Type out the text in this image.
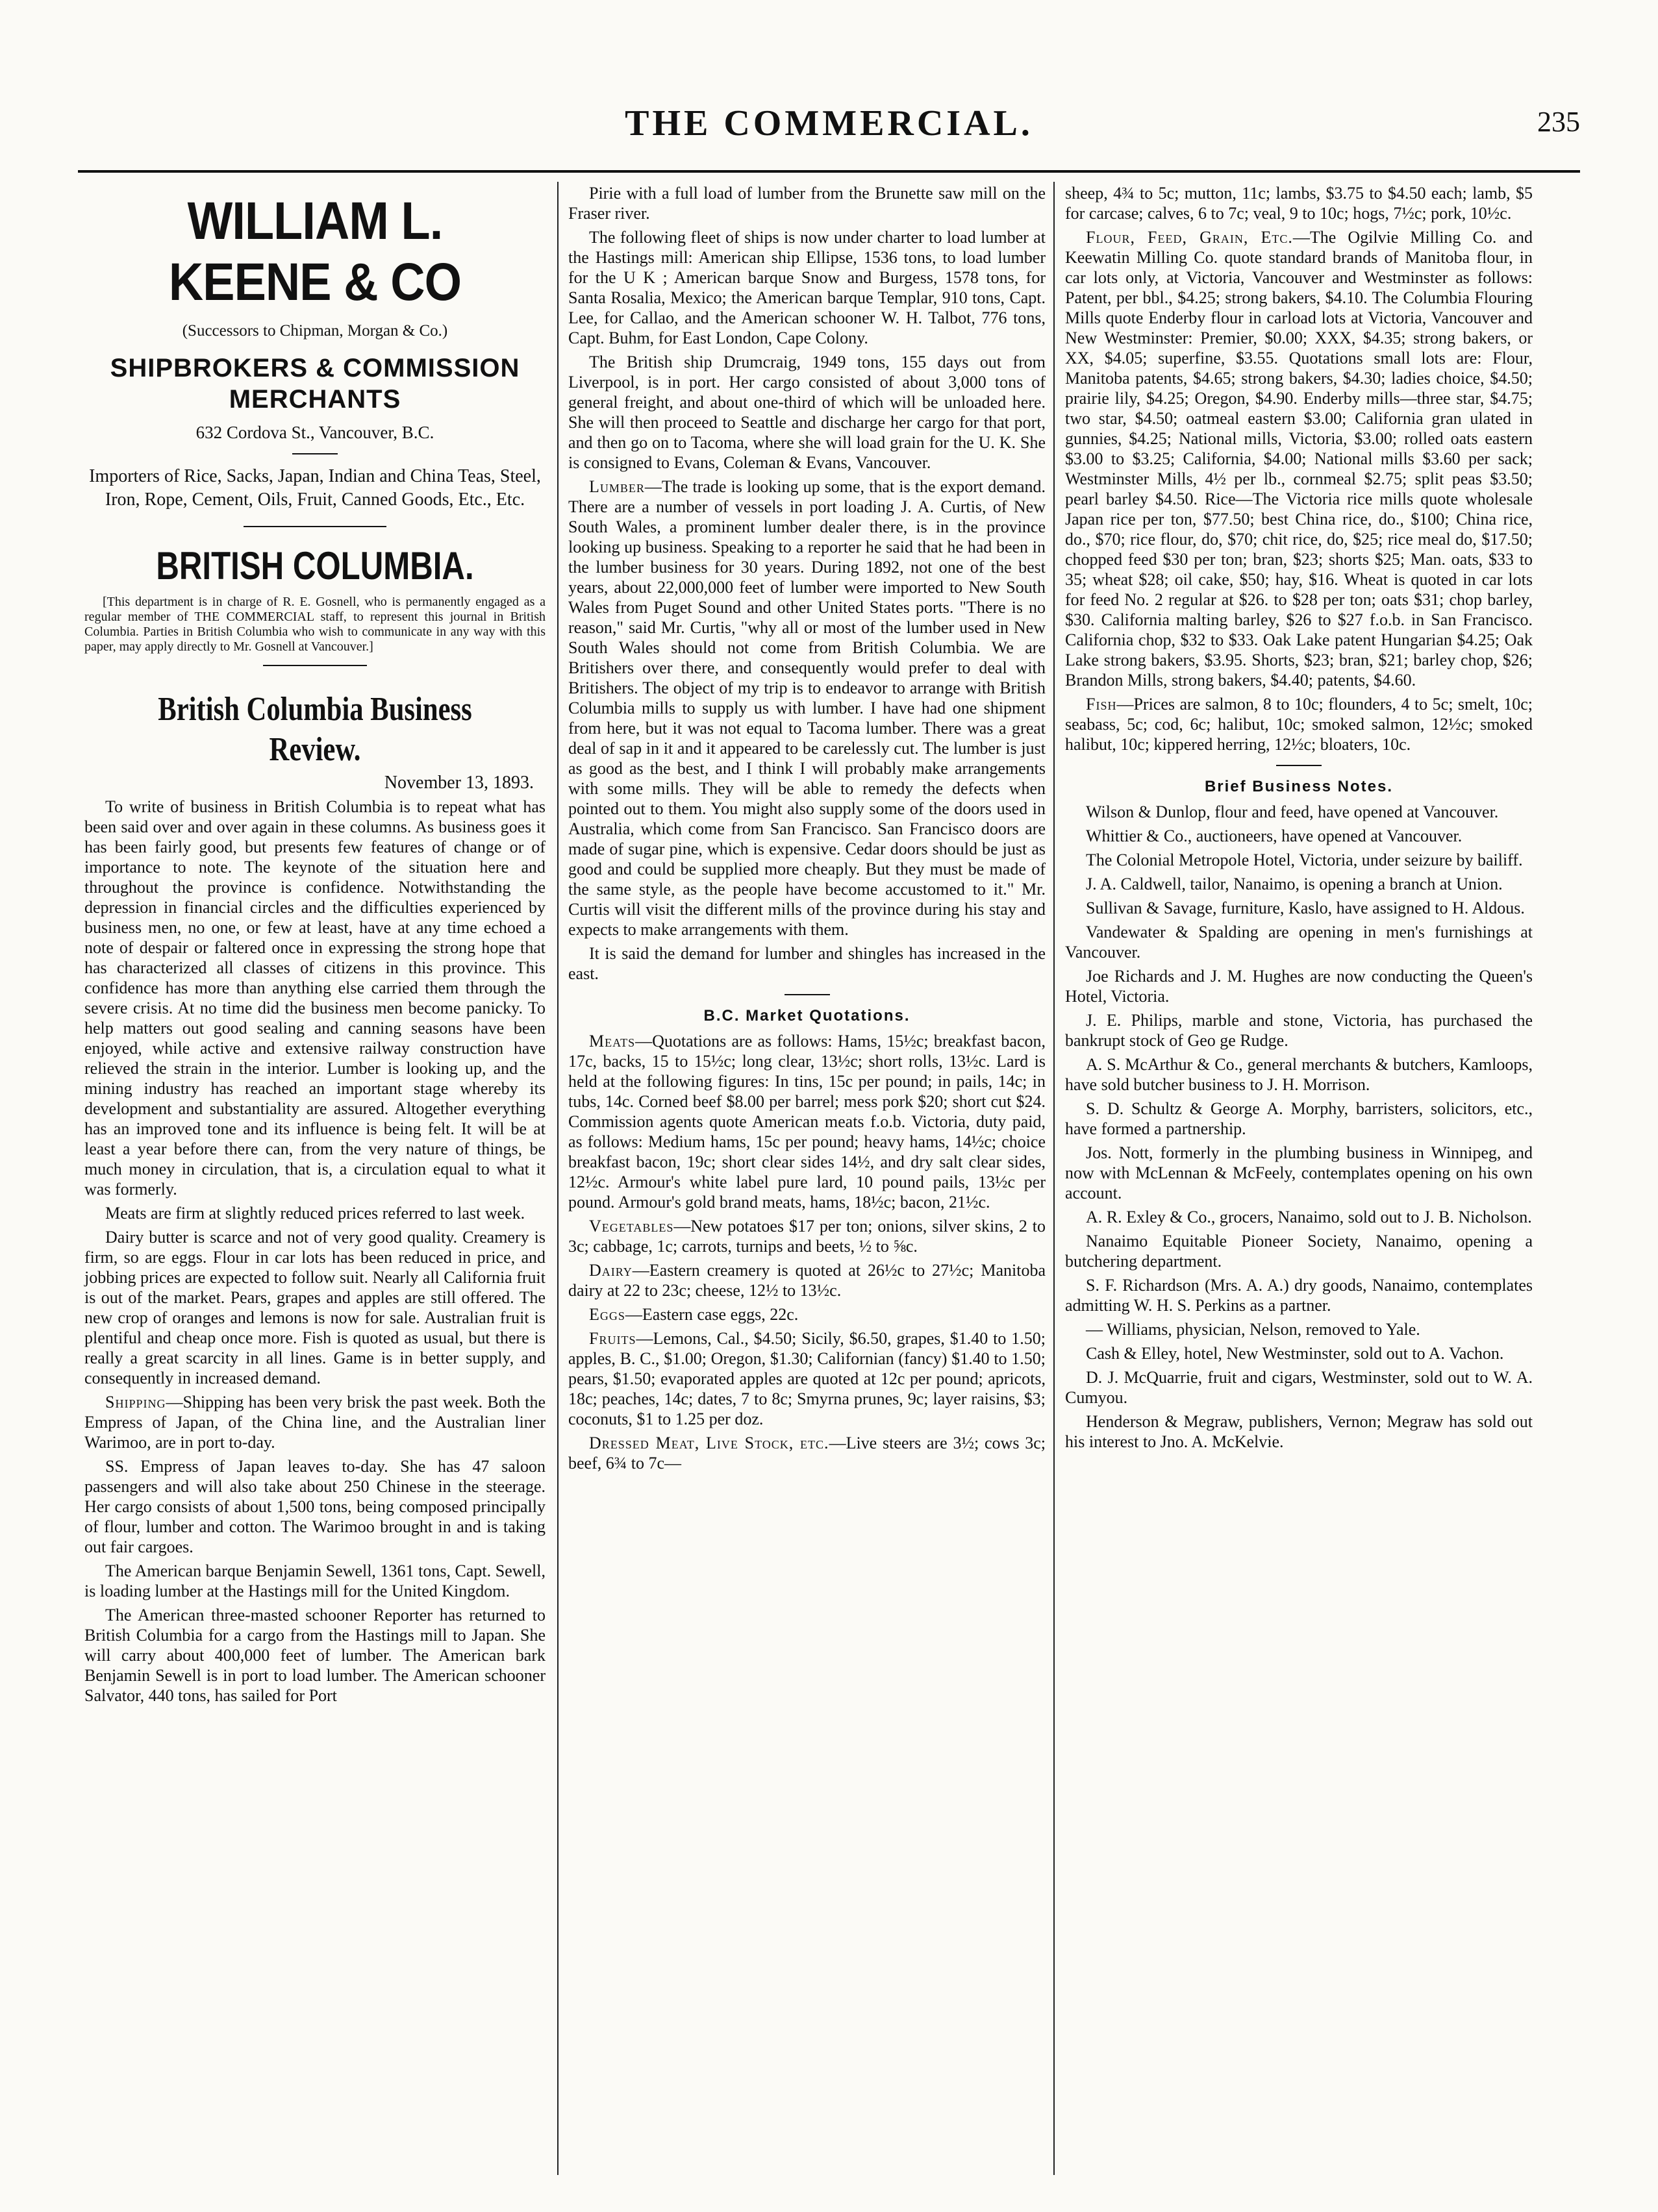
THE COMMERCIAL.	235
WILLIAM L. KEENE & CO
(Successors to Chipman, Morgan & Co.)
SHIPBROKERS & COMMISSION MERCHANTS
632 Cordova St., Vancouver, B.C.
Importers of Rice, Sacks, Japan, Indian and China Teas, Steel, Iron, Rope, Cement, Oils, Fruit, Canned Goods, Etc., Etc.
BRITISH COLUMBIA.
[This department is in charge of R. E. Gosnell, who is permanently engaged as a regular member of THE COMMERCIAL staff, to represent this journal in British Columbia. Parties in British Columbia who wish to communicate in any way with this paper, may apply directly to Mr. Gosnell at Vancouver.]
British Columbia Business Review.
November 13, 1893.

To write of business in British Columbia is to repeat what has been said over and over again in these columns. As business goes it has been fairly good, but presents few features of change or of importance to note. The keynote of the situation here and throughout the province is confidence. Notwithstanding the depression in financial circles and the difficulties experienced by business men, no one, or few at least, have at any time echoed a note of despair or faltered once in expressing the strong hope that has characterized all classes of citizens in this province. This confidence has more than anything else carried them through the severe crisis. At no time did the business men become panicky. To help matters out good sealing and canning seasons have been enjoyed, while active and extensive railway construction have relieved the strain in the interior. Lumber is looking up, and the mining industry has reached an important stage whereby its development and substantiality are assured. Altogether everything has an improved tone and its influence is being felt. It will be at least a year before there can, from the very nature of things, be much money in circulation, that is, a circulation equal to what it was formerly.

Meats are firm at slightly reduced prices referred to last week.

Dairy butter is scarce and not of very good quality. Creamery is firm, so are eggs. Flour in car lots has been reduced in price, and jobbing prices are expected to follow suit. Nearly all California fruit is out of the market. Pears, grapes and apples are still offered. The new crop of oranges and lemons is now for sale. Australian fruit is plentiful and cheap once more. Fish is quoted as usual, but there is really a great scarcity in all lines. Game is in better supply, and consequently in increased demand.

Shipping—Shipping has been very brisk the past week. Both the Empress of Japan, of the China line, and the Australian liner Warimoo, are in port to-day.

SS. Empress of Japan leaves to-day. She has 47 saloon passengers and will also take about 250 Chinese in the steerage. Her cargo consists of about 1,500 tons, being composed principally of flour, lumber and cotton. The Warimoo brought in and is taking out fair cargoes.

The American barque Benjamin Sewell, 1361 tons, Capt. Sewell, is loading lumber at the Hastings mill for the United Kingdom.

The American three-masted schooner Reporter has returned to British Columbia for a cargo from the Hastings mill to Japan. She will carry about 400,000 feet of lumber. The American bark Benjamin Sewell is in port to load lumber. The American schooner Salvator, 440 tons, has sailed for Port

Pirie with a full load of lumber from the Brunette saw mill on the Fraser river.

The following fleet of ships is now under charter to load lumber at the Hastings mill: American ship Ellipse, 1536 tons, to load lumber for the U K ; American barque Snow and Burgess, 1578 tons, for Santa Rosalia, Mexico; the American barque Templar, 910 tons, Capt. Lee, for Callao, and the American schooner W. H. Talbot, 776 tons, Capt. Buhm, for East London, Cape Colony.

The British ship Drumcraig, 1949 tons, 155 days out from Liverpool, is in port. Her cargo consisted of about 3,000 tons of general freight, and about one-third of which will be unloaded here. She will then proceed to Seattle and discharge her cargo for that port, and then go on to Tacoma, where she will load grain for the U. K. She is consigned to Evans, Coleman & Evans, Vancouver.

Lumber—The trade is looking up some, that is the export demand. There are a number of vessels in port loading J. A. Curtis, of New South Wales, a prominent lumber dealer there, is in the province looking up business. Speaking to a reporter he said that he had been in the lumber business for 30 years. During 1892, not one of the best years, about 22,000,000 feet of lumber were imported to New South Wales from Puget Sound and other United States ports. "There is no reason," said Mr. Curtis, "why all or most of the lumber used in New South Wales should not come from British Columbia. We are Britishers over there, and consequently would prefer to deal with Britishers. The object of my trip is to endeavor to arrange with British Columbia mills to supply us with lumber. I have had one shipment from here, but it was not equal to Tacoma lumber. There was a great deal of sap in it and it appeared to be carelessly cut. The lumber is just as good as the best, and I think I will probably make arrangements with some mills. They will be able to remedy the defects when pointed out to them. You might also supply some of the doors used in Australia, which come from San Francisco. San Francisco doors are made of sugar pine, which is expensive. Cedar doors should be just as good and could be supplied more cheaply. But they must be made of the same style, as the people have become accustomed to it." Mr. Curtis will visit the different mills of the province during his stay and expects to make arrangements with them.

It is said the demand for lumber and shingles has increased in the east.

B.C. Market Quotations.

Meats—Quotations are as follows: Hams, 15½c; breakfast bacon, 17c, backs, 15 to 15½c; long clear, 13½c; short rolls, 13½c. Lard is held at the following figures: In tins, 15c per pound; in pails, 14c; in tubs, 14c. Corned beef $8.00 per barrel; mess pork $20; short cut $24. Commission agents quote American meats f.o.b. Victoria, duty paid, as follows: Medium hams, 15c per pound; heavy hams, 14½c; choice breakfast bacon, 19c; short clear sides 14½, and dry salt clear sides, 12½c. Armour's white label pure lard, 10 pound pails, 13½c per pound. Armour's gold brand meats, hams, 18½c; bacon, 21½c.

Vegetables—New potatoes $17 per ton; onions, silver skins, 2 to 3c; cabbage, 1c; carrots, turnips and beets, ½ to ⅝c.

Dairy—Eastern creamery is quoted at 26½c to 27½c; Manitoba dairy at 22 to 23c; cheese, 12½ to 13½c.

Eggs—Eastern case eggs, 22c.

Fruits—Lemons, Cal., $4.50; Sicily, $6.50, grapes, $1.40 to 1.50; apples, B. C., $1.00; Oregon, $1.30; Californian (fancy) $1.40 to 1.50; pears, $1.50; evaporated apples are quoted at 12c per pound; apricots, 18c; peaches, 14c; dates, 7 to 8c; Smyrna prunes, 9c; layer raisins, $3; coconuts, $1 to 1.25 per doz.

Dressed Meat, Live Stock, etc.—Live steers are 3½; cows 3c; beef, 6¾ to 7c—

sheep, 4¾ to 5c; mutton, 11c; lambs, $3.75 to $4.50 each; lamb, $5 for carcase; calves, 6 to 7c; veal, 9 to 10c; hogs, 7½c; pork, 10½c.

Flour, Feed, Grain, Etc.—The Ogilvie Milling Co. and Keewatin Milling Co. quote standard brands of Manitoba flour, in car lots only, at Victoria, Vancouver and Westminster as follows: Patent, per bbl., $4.25; strong bakers, $4.10. The Columbia Flouring Mills quote Enderby flour in carload lots at Victoria, Vancouver and New Westminster: Premier, $0.00; XXX, $4.35; strong bakers, or XX, $4.05; superfine, $3.55. Quotations small lots are: Flour, Manitoba patents, $4.65; strong bakers, $4.30; ladies choice, $4.50; prairie lily, $4.25; Oregon, $4.90. Enderby mills—three star, $4.75; two star, $4.50; oatmeal eastern $3.00; California gran ulated in gunnies, $4.25; National mills, Victoria, $3.00; rolled oats eastern $3.00 to $3.25; California, $4.00; National mills $3.60 per sack; Westminster Mills, 4½ per lb., cornmeal $2.75; split peas $3.50; pearl barley $4.50. Rice—The Victoria rice mills quote wholesale Japan rice per ton, $77.50; best China rice, do., $100; China rice, do., $70; rice flour, do, $70; chit rice, do, $25; rice meal do, $17.50; chopped feed $30 per ton; bran, $23; shorts $25; Man. oats, $33 to 35; wheat $28; oil cake, $50; hay, $16. Wheat is quoted in car lots for feed No. 2 regular at $26. to $28 per ton; oats $31; chop barley, $30. California malting barley, $26 to $27 f.o.b. in San Francisco. California chop, $32 to $33. Oak Lake patent Hungarian $4.25; Oak Lake strong bakers, $3.95. Shorts, $23; bran, $21; barley chop, $26; Brandon Mills, strong bakers, $4.40; patents, $4.60.

Fish—Prices are salmon, 8 to 10c; flounders, 4 to 5c; smelt, 10c; seabass, 5c; cod, 6c; halibut, 10c; smoked salmon, 12½c; smoked halibut, 10c; kippered herring, 12½c; bloaters, 10c.

Brief Business Notes.

Wilson & Dunlop, flour and feed, have opened at Vancouver.

Whittier & Co., auctioneers, have opened at Vancouver.

The Colonial Metropole Hotel, Victoria, under seizure by bailiff.

J. A. Caldwell, tailor, Nanaimo, is opening a branch at Union.

Sullivan & Savage, furniture, Kaslo, have assigned to H. Aldous.

Vandewater & Spalding are opening in men's furnishings at Vancouver.

Joe Richards and J. M. Hughes are now conducting the Queen's Hotel, Victoria.

J. E. Philips, marble and stone, Victoria, has purchased the bankrupt stock of Geo ge Rudge.

A. S. McArthur & Co., general merchants & butchers, Kamloops, have sold butcher business to J. H. Morrison.

S. D. Schultz & George A. Morphy, barristers, solicitors, etc., have formed a partnership.

Jos. Nott, formerly in the plumbing business in Winnipeg, and now with McLennan & McFeely, contemplates opening on his own account.

A. R. Exley & Co., grocers, Nanaimo, sold out to J. B. Nicholson.

Nanaimo Equitable Pioneer Society, Nanaimo, opening a butchering department.

S. F. Richardson (Mrs. A. A.) dry goods, Nanaimo, contemplates admitting W. H. S. Perkins as a partner.

— Williams, physician, Nelson, removed to Yale.

Cash & Elley, hotel, New Westminster, sold out to A. Vachon.

D. J. McQuarrie, fruit and cigars, Westminster, sold out to W. A. Cumyou.

Henderson & Megraw, publishers, Vernon; Megraw has sold out his interest to Jno. A. McKelvie.
